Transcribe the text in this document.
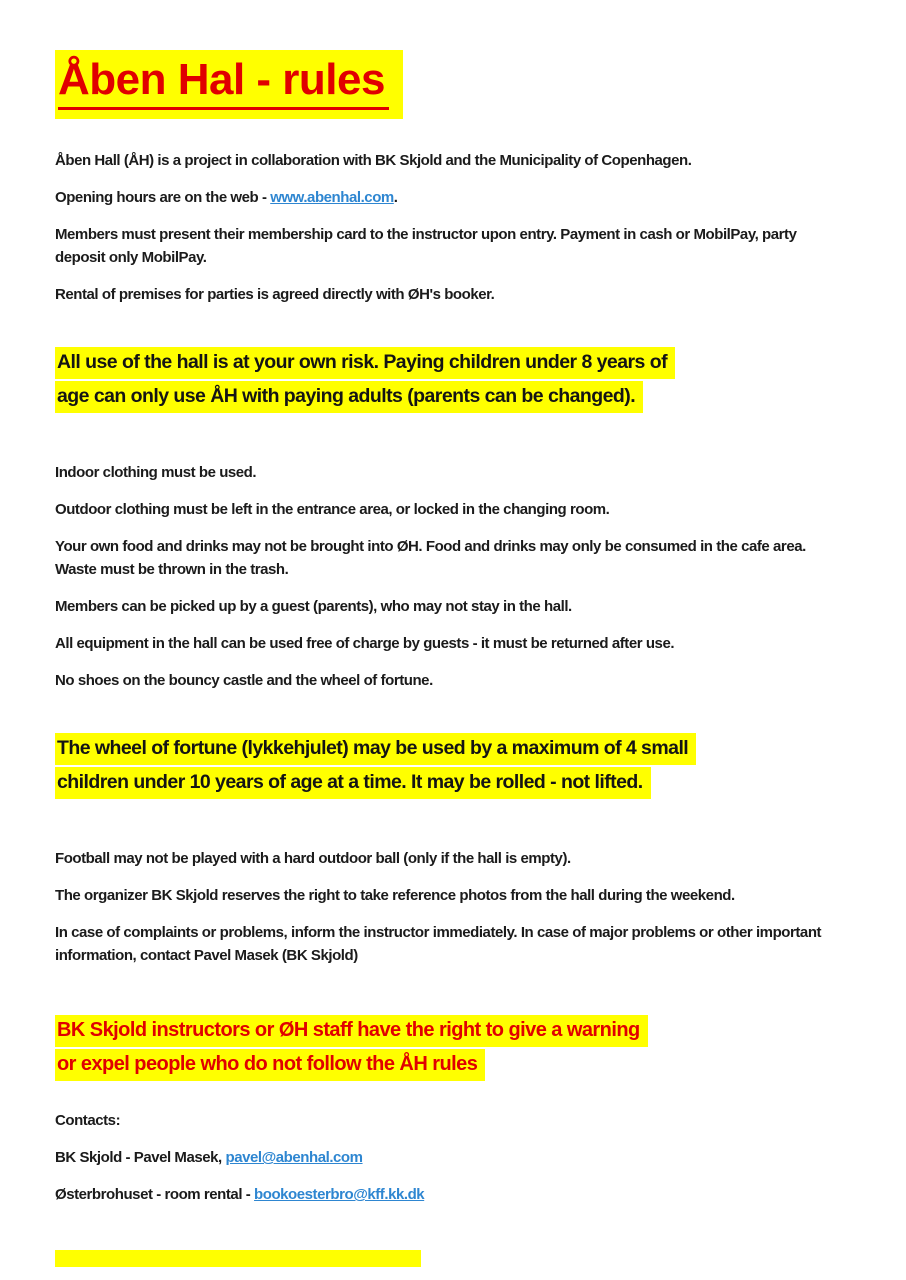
Åben Hal - rules

Åben Hall (ÅH) is a project in collaboration with BK Skjold and the Municipality of Copenhagen.

Opening hours are on the web - www.abenhal.com.

Members must present their membership card to the instructor upon entry. Payment in cash or MobilPay, party deposit only MobilPay.

Rental of premises for parties is agreed directly with ØH's booker.

All use of the hall is at your own risk. Paying children under 8 years of
age can only use ÅH with paying adults (parents can be changed).

Indoor clothing must be used.

Outdoor clothing must be left in the entrance area, or locked in the changing room.

Your own food and drinks may not be brought into ØH. Food and drinks may only be consumed in the cafe area. Waste must be thrown in the trash.

Members can be picked up by a guest (parents), who may not stay in the hall.

All equipment in the hall can be used free of charge by guests - it must be returned after use.

No shoes on the bouncy castle and the wheel of fortune.

The wheel of fortune (lykkehjulet) may be used by a maximum of 4 small
children under 10 years of age at a time. It may be rolled - not lifted.

Football may not be played with a hard outdoor ball (only if the hall is empty).

The organizer BK Skjold reserves the right to take reference photos from the hall during the weekend.

In case of complaints or problems, inform the instructor immediately. In case of major problems or other important information, contact Pavel Masek (BK Skjold)

BK Skjold instructors or ØH staff have the right to give a warning
or expel people who do not follow the ÅH rules

Contacts:

BK Skjold - Pavel Masek, pavel@abenhal.com

Østerbrohuset - room rental - bookoesterbro@kff.kk.dk
